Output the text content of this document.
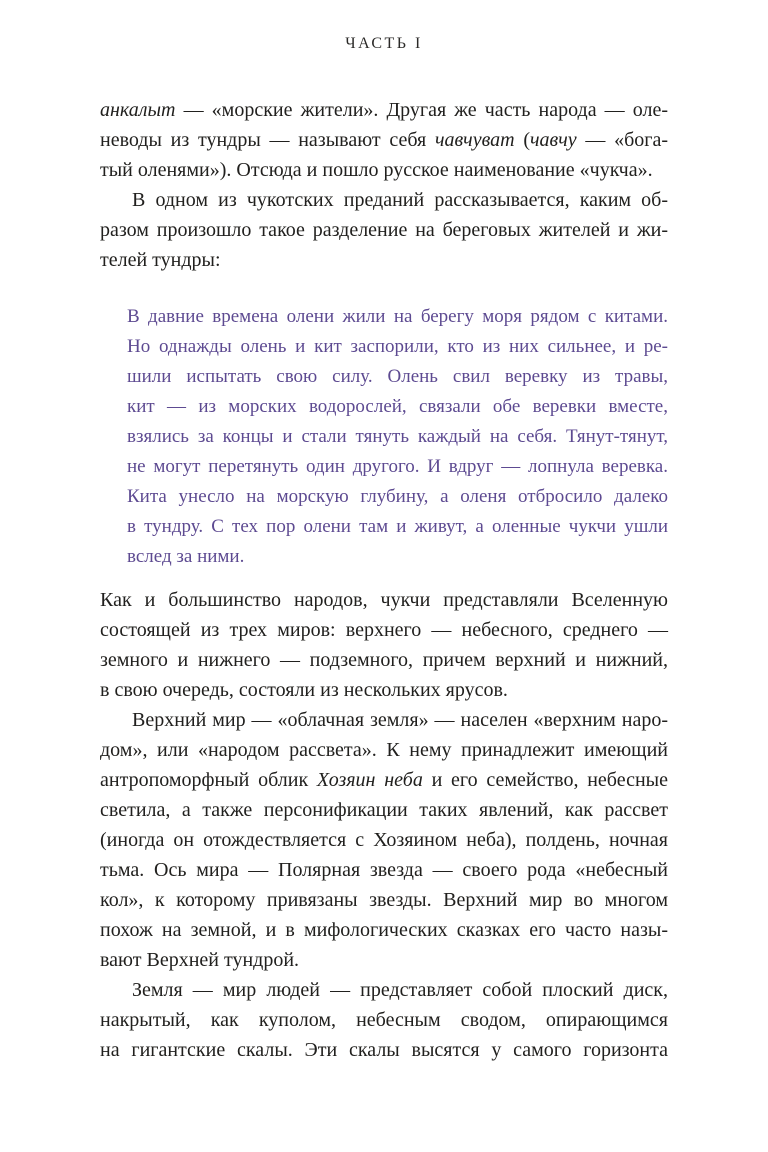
ЧАСТЬ I
анкалыт — «морские жители». Другая же часть народа — оле-
неводы из тундры — называют себя чавчуват (чавчу — «бога-
тый оленями»). Отсюда и пошло русское наименование «чукча».
В одном из чукотских преданий рассказывается, каким об-
разом произошло такое разделение на береговых жителей и жи-
телей тундры:
В давние времена олени жили на берегу моря рядом с китами.
Но однажды олень и кит заспорили, кто из них сильнее, и ре-
шили испытать свою силу. Олень свил веревку из травы,
кит — из морских водорослей, связали обе веревки вместе,
взялись за концы и стали тянуть каждый на себя. Тянут-тянут,
не могут перетянуть один другого. И вдруг — лопнула веревка.
Кита унесло на морскую глубину, а оленя отбросило далеко
в тундру. С тех пор олени там и живут, а оленные чукчи ушли
вслед за ними.
Как и большинство народов, чукчи представляли Вселенную
состоящей из трех миров: верхнего — небесного, среднего —
земного и нижнего — подземного, причем верхний и нижний,
в свою очередь, состояли из нескольких ярусов.
Верхний мир — «облачная земля» — населен «верхним наро-
дом», или «народом рассвета». К нему принадлежит имеющий
антропоморфный облик Хозяин неба и его семейство, небесные
светила, а также персонификации таких явлений, как рассвет
(иногда он отождествляется с Хозяином неба), полдень, ночная
тьма. Ось мира — Полярная звезда — своего рода «небесный
кол», к которому привязаны звезды. Верхний мир во многом
похож на земной, и в мифологических сказках его часто назы-
вают Верхней тундрой.
Земля — мир людей — представляет собой плоский диск,
накрытый, как куполом, небесным сводом, опирающимся
на гигантские скалы. Эти скалы высятся у самого горизонта
